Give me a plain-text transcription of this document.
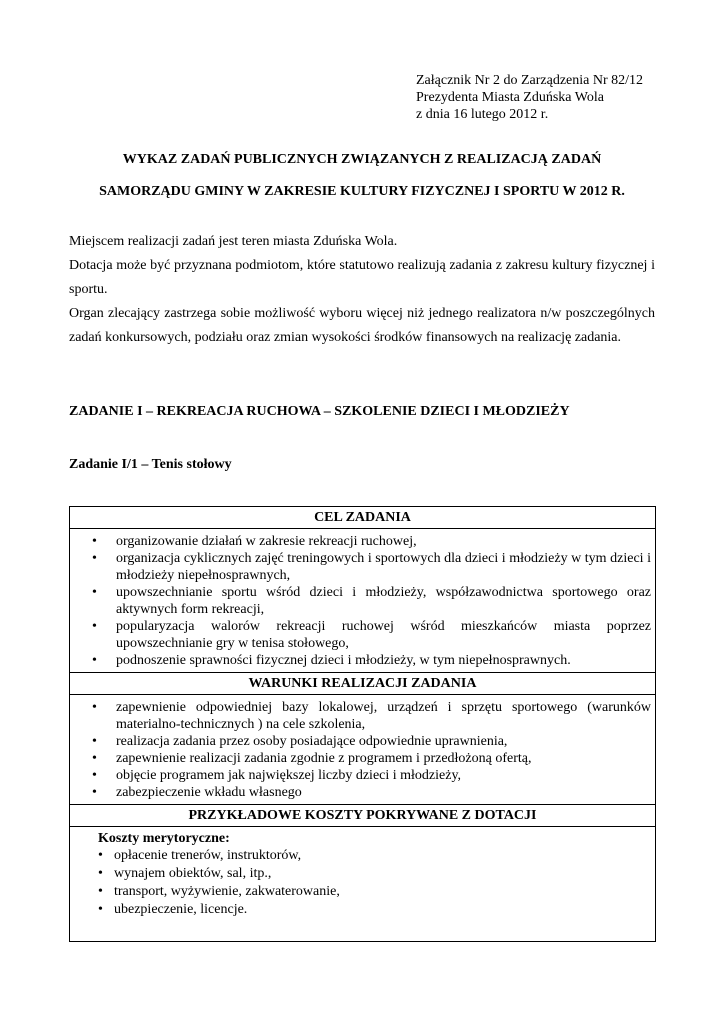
Załącznik Nr 2 do Zarządzenia Nr 82/12
Prezydenta Miasta Zduńska Wola
z dnia 16 lutego 2012 r.
WYKAZ ZADAŃ PUBLICZNYCH ZWIĄZANYCH Z REALIZACJĄ ZADAŃ
SAMORZĄDU GMINY W ZAKRESIE KULTURY FIZYCZNEJ I SPORTU W 2012 R.

Miejscem realizacji zadań jest teren miasta Zduńska Wola.

Dotacja może być przyznana podmiotom, które statutowo realizują zadania z zakresu kultury fizycznej i sportu.

Organ zlecający zastrzega sobie możliwość wyboru więcej niż jednego realizatora n/w poszczególnych zadań konkursowych, podziału oraz zmian wysokości środków finansowych na realizację zadania.

ZADANIE I – REKREACJA RUCHOWA – SZKOLENIE DZIECI I MŁODZIEŻY
Zadanie I/1 – Tenis stołowy
CEL ZADANIA

• organizowanie działań w zakresie rekreacji ruchowej,
• organizacja cyklicznych zajęć treningowych i sportowych dla dzieci i młodzieży w tym dzieci i młodzieży niepełnosprawnych,
• upowszechnianie sportu wśród dzieci i młodzieży, współzawodnictwa sportowego oraz aktywnych form rekreacji,
• popularyzacja walorów rekreacji ruchowej wśród mieszkańców miasta poprzez upowszechnianie gry w tenisa stołowego,
• podnoszenie sprawności fizycznej dzieci i młodzieży, w tym niepełnosprawnych.

WARUNKI REALIZACJI ZADANIA

• zapewnienie odpowiedniej bazy lokalowej, urządzeń i sprzętu sportowego (warunków materialno-technicznych ) na cele szkolenia,
• realizacja zadania przez osoby posiadające odpowiednie uprawnienia,
• zapewnienie realizacji zadania zgodnie z programem i przedłożoną ofertą,
• objęcie programem jak największej liczby dzieci i młodzieży,
• zabezpieczenie wkładu własnego

PRZYKŁADOWE KOSZTY POKRYWANE Z DOTACJI

Koszty merytoryczne:
• opłacenie trenerów, instruktorów,
• wynajem obiektów, sal, itp.,
• transport, wyżywienie, zakwaterowanie,
• ubezpieczenie, licencje.
